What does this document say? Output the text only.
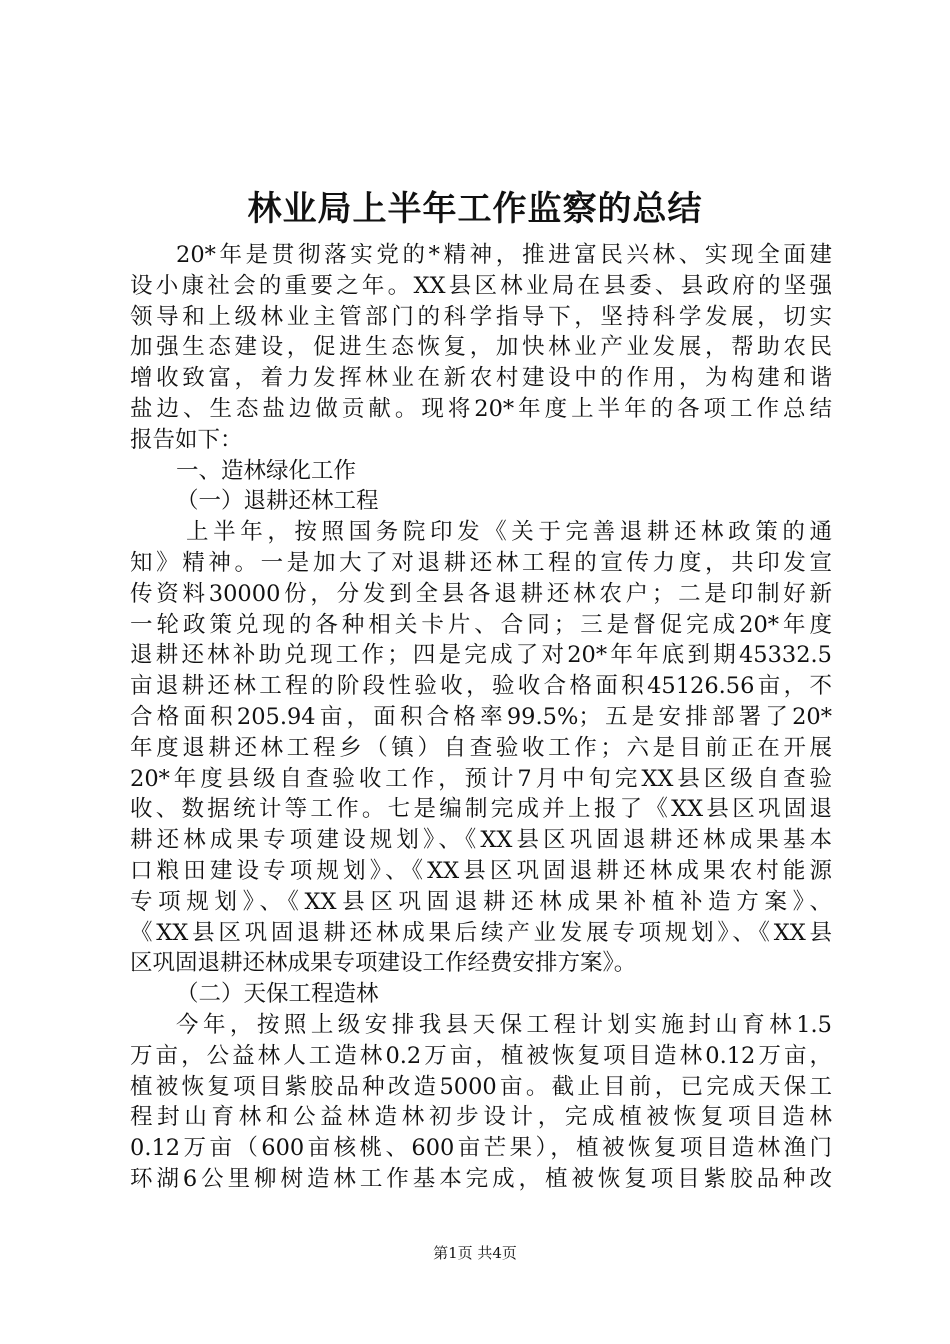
林业局上半年工作监察的总结
20*年是贯彻落实党的*精神，推进富民兴林、实现全面建
设小康社会的重要之年。XX县区林业局在县委、县政府的坚强
领导和上级林业主管部门的科学指导下，坚持科学发展，切实
加强生态建设，促进生态恢复，加快林业产业发展，帮助农民
增收致富，着力发挥林业在新农村建设中的作用，为构建和谐
盐边、生态盐边做贡献。现将20*年度上半年的各项工作总结
报告如下：
一、造林绿化工作
（一）退耕还林工程
上半年，按照国务院印发《关于完善退耕还林政策的通
知》精神。一是加大了对退耕还林工程的宣传力度，共印发宣
传资料30000份，分发到全县各退耕还林农户；二是印制好新
一轮政策兑现的各种相关卡片、合同；三是督促完成20*年度
退耕还林补助兑现工作；四是完成了对20*年年底到期45332.5
亩退耕还林工程的阶段性验收，验收合格面积45126.56亩，不
合格面积205.94亩，面积合格率99.5%；五是安排部署了20*
年度退耕还林工程乡（镇）自查验收工作；六是目前正在开展
20*年度县级自查验收工作，预计7月中旬完XX县区级自查验
收、数据统计等工作。七是编制完成并上报了《XX县区巩固退
耕还林成果专项建设规划》、《XX县区巩固退耕还林成果基本
口粮田建设专项规划》、《XX县区巩固退耕还林成果农村能源
专项规划》、《XX县区巩固退耕还林成果补植补造方案》、
《XX县区巩固退耕还林成果后续产业发展专项规划》、《XX县
区巩固退耕还林成果专项建设工作经费安排方案》。
（二）天保工程造林
今年，按照上级安排我县天保工程计划实施封山育林1.5
万亩，公益林人工造林0.2万亩，植被恢复项目造林0.12万亩，
植被恢复项目紫胶品种改造5000亩。截止目前，已完成天保工
程封山育林和公益林造林初步设计，完成植被恢复项目造林
0.12万亩（600亩核桃、600亩芒果），植被恢复项目造林渔门
环湖6公里柳树造林工作基本完成，植被恢复项目紫胶品种改
第1页 共4页
